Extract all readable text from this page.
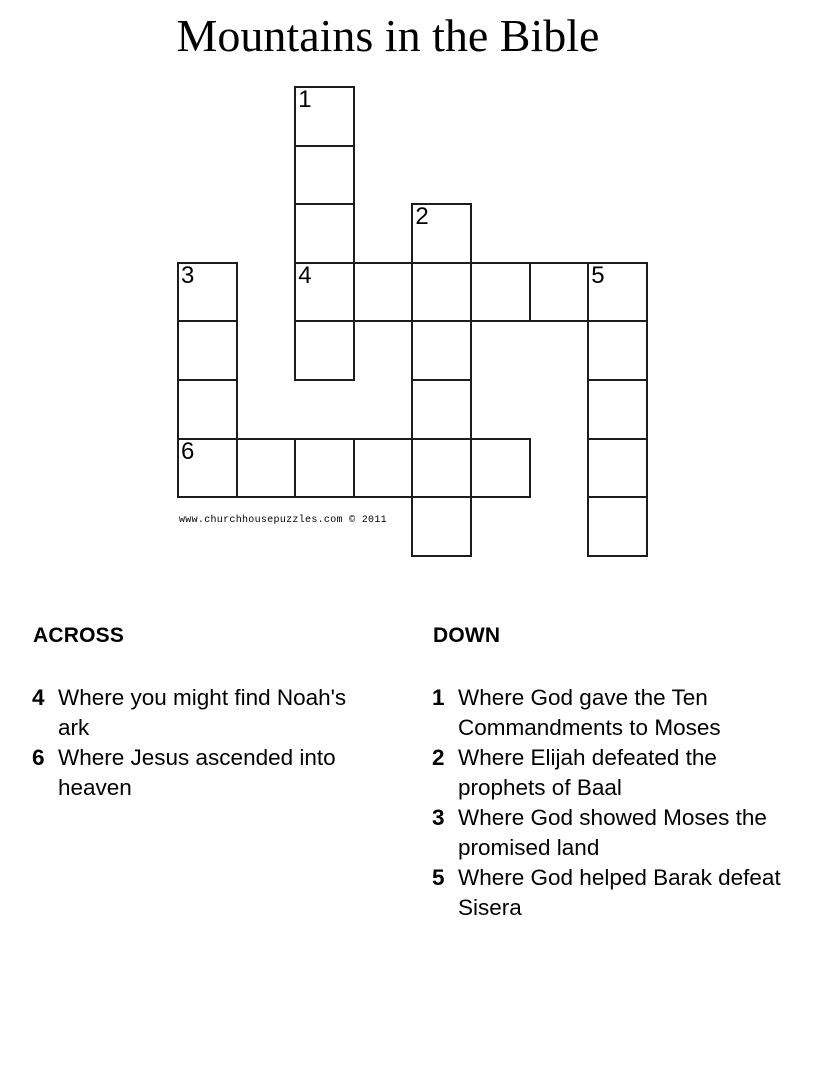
Mountains in the Bible
1
2
3	4	5
6
www.churchhousepuzzles.com © 2011
ACROSS
4 Where you might find Noah's ark
6 Where Jesus ascended into heaven
DOWN
1 Where God gave the Ten Commandments to Moses
2 Where Elijah defeated the prophets of Baal
3 Where God showed Moses the promised land
5 Where God helped Barak defeat Sisera
